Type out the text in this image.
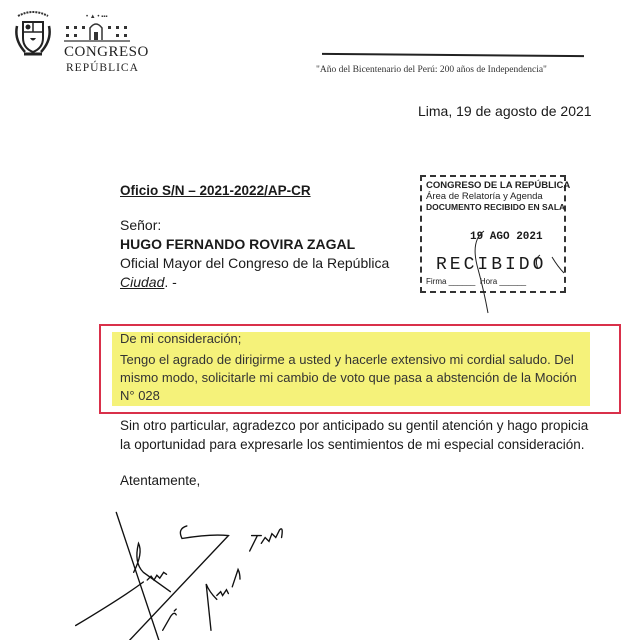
• ▲ • ▪▪▪
CONGRESO
REPÚBLICA	"Año del Bicentenario del Perú: 200 años de Independencia"
Lima, 19 de agosto de 2021
Oficio S/N – 2021-2022/AP-CR
Señor:
HUGO FERNANDO ROVIRA ZAGAL
Oficial Mayor del Congreso de la República
Ciudad. -
CONGRESO DE LA REPÚBLICA
Área de Relatoría y Agenda
DOCUMENTO RECIBIDO EN SALA
19 AGO 2021
RECIBIDO
Firma ______ Hora ______
De mi consideración;
Tengo el agrado de dirigirme a usted y hacerle extensivo mi cordial saludo. Del
mismo modo, solicitarle mi cambio de voto que pasa a abstención de la Moción
N° 028
Sin otro particular, agradezco por anticipado su gentil atención y hago propicia
la oportunidad para expresarle los sentimientos de mi especial consideración.
Atentamente,
